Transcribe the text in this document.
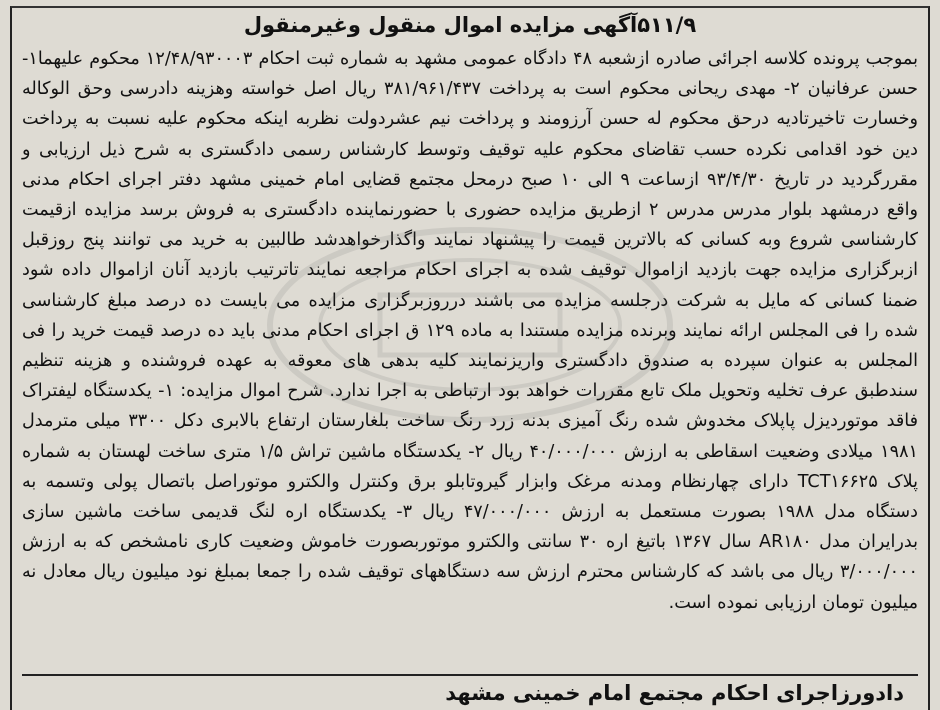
۵۱۱/۹آگهی مزایده اموال منقول وغیرمنقول

بموجب پرونده کلاسه اجرائی صادره ازشعبه ۴۸ دادگاه عمومی مشهد به شماره ثبت احکام ۱۲/۴۸/۹۳۰۰۰۳ محکوم علیهما۱- حسن عرفانیان ۲- مهدی ریحانی محکوم است به پرداخت ۳۸۱/۹۶۱/۴۳۷ ریال اصل خواسته وهزینه دادرسی وحق الوکاله وخسارت تاخیرتادیه درحق محکوم له حسن آرزومند و پرداخت نیم عشردولت نظربه اینکه محکوم علیه نسبت به پرداخت دین خود اقدامی نکرده حسب تقاضای محکوم علیه توقیف وتوسط کارشناس رسمی دادگستری به شرح ذیل ارزیابی و مقررگردید در تاریخ ۹۳/۴/۳۰ ازساعت ۹ الی ۱۰ صبح درمحل مجتمع قضایی امام خمینی مشهد دفتر اجرای احکام مدنی واقع درمشهد بلوار مدرس مدرس ۲ ازطریق مزایده حضوری با حضورنماینده دادگستری به فروش برسد مزایده ازقیمت کارشناسی شروع وبه کسانی که بالاترین قیمت را پیشنهاد نمایند واگذارخواهدشد طالبین به خرید می توانند پنج روزقبل ازبرگزاری مزایده جهت بازدید ازاموال توقیف شده به اجرای احکام مراجعه نمایند تاترتیب بازدید آنان ازاموال داده شود ضمنا کسانی که مایل به شرکت درجلسه مزایده می باشند درروزبرگزاری مزایده می بایست ده درصد مبلغ کارشناسی شده را فی المجلس ارائه نمایند وبرنده مزایده مستندا به ماده ۱۲۹ ق اجرای احکام مدنی باید ده درصد قیمت خرید را فی المجلس به عنوان سپرده به صندوق دادگستری واریزنمایند کلیه بدهی های معوقه به عهده فروشنده و هزینه تنظیم سندطبق عرف تخلیه وتحویل ملک تابع مقررات خواهد بود ارتباطی به اجرا ندارد. شرح اموال مزایده: ۱- یکدستگاه لیفتراک فاقد موتوردیزل پاپلاک مخدوش شده رنگ آمیزی بدنه زرد رنگ ساخت بلغارستان ارتفاع بالابری دکل ۳۳۰۰ میلی مترمدل ۱۹۸۱ میلادی وضعیت اسقاطی به ارزش ۴۰/۰۰۰/۰۰۰ ریال ۲- یکدستگاه ماشین تراش ۱/۵ متری ساخت لهستان به شماره پلاک TCT۱۶۶۲۵ دارای چهارنظام ومدنه مرغک وابزار گیروتابلو برق وکنترل والکترو موتوراصل باتصال پولی وتسمه به دستگاه مدل ۱۹۸۸ بصورت مستعمل به ارزش ۴۷/۰۰۰/۰۰۰ ریال ۳- یکدستگاه اره لنگ قدیمی ساخت ماشین سازی بدرایران مدل AR۱۸۰ سال ۱۳۶۷ باتیغ اره ۳۰ سانتی والکترو موتوربصورت خاموش وضعیت کاری نامشخص که به ارزش ۳/۰۰۰/۰۰۰ ریال می باشد که کارشناس محترم ارزش سه دستگاههای توقیف شده را جمعا بمبلغ نود میلیون ریال معادل نه میلیون تومان ارزیابی نموده است.

دادورزاجرای احکام مجتمع امام خمینی مشهد
